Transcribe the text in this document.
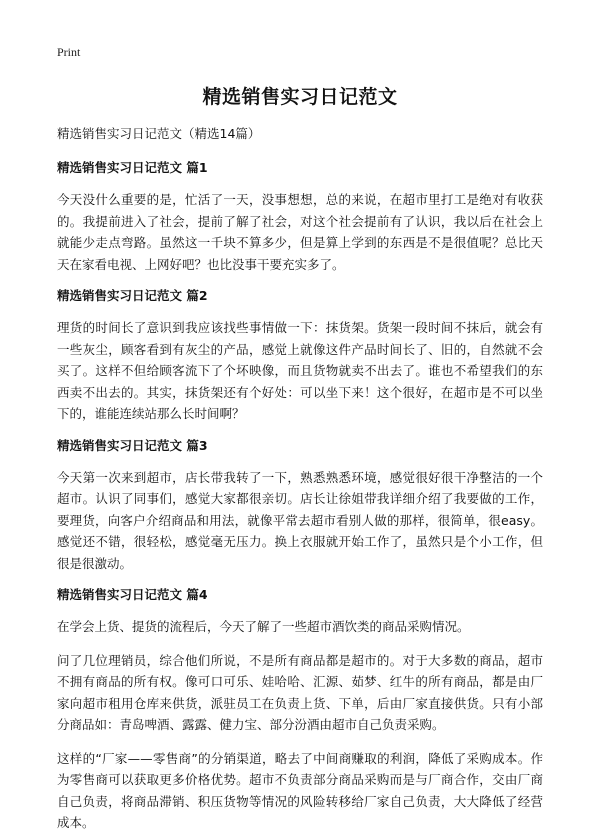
Print
精选销售实习日记范文
精选销售实习日记范文（精选14篇）
精选销售实习日记范文 篇1

今天没什么重要的是，忙活了一天，没事想想，总的来说，在超市里打工是绝对有收获的。我提前进入了社会，提前了解了社会，对这个社会提前有了认识，我以后在社会上就能少走点弯路。虽然这一千块不算多少，但是算上学到的东西是不是很值呢？总比天天在家看电视、上网好吧？也比没事干要充实多了。

精选销售实习日记范文 篇2

理货的时间长了意识到我应该找些事情做一下：抹货架。货架一段时间不抹后，就会有一些灰尘，顾客看到有灰尘的产品，感觉上就像这件产品时间长了、旧的，自然就不会买了。这样不但给顾客流下了个坏映像，而且货物就卖不出去了。谁也不希望我们的东西卖不出去的。其实，抹货架还有个好处：可以坐下来！这个很好，在超市是不可以坐下的，谁能连续站那么长时间啊？

精选销售实习日记范文 篇3

今天第一次来到超市，店长带我转了一下，熟悉熟悉环境，感觉很好很干净整洁的一个超市。认识了同事们，感觉大家都很亲切。店长让徐姐带我详细介绍了我要做的工作，要理货，向客户介绍商品和用法，就像平常去超市看别人做的那样，很简单，很easy。感觉还不错，很轻松，感觉毫无压力。换上衣服就开始工作了，虽然只是个小工作，但很是很激动。

精选销售实习日记范文 篇4

在学会上货、提货的流程后，今天了解了一些超市酒饮类的商品采购情况。

问了几位理销员，综合他们所说，不是所有商品都是超市的。对于大多数的商品，超市不拥有商品的所有权。像可口可乐、娃哈哈、汇源、茹梦、红牛的所有商品，都是由厂家向超市租用仓库来供货，派驻员工在负责上货、下单，后由厂家直接供货。只有小部分商品如：青岛啤酒、露露、健力宝、部分汾酒由超市自己负责采购。

这样的“厂家——零售商”的分销渠道，略去了中间商赚取的利润，降低了采购成本。作为零售商可以获取更多价格优势。超市不负责部分商品采购而是与厂商合作，交由厂商自己负责，将商品滞销、积压货物等情况的风险转移给厂家自己负责，大大降低了经营成本。
